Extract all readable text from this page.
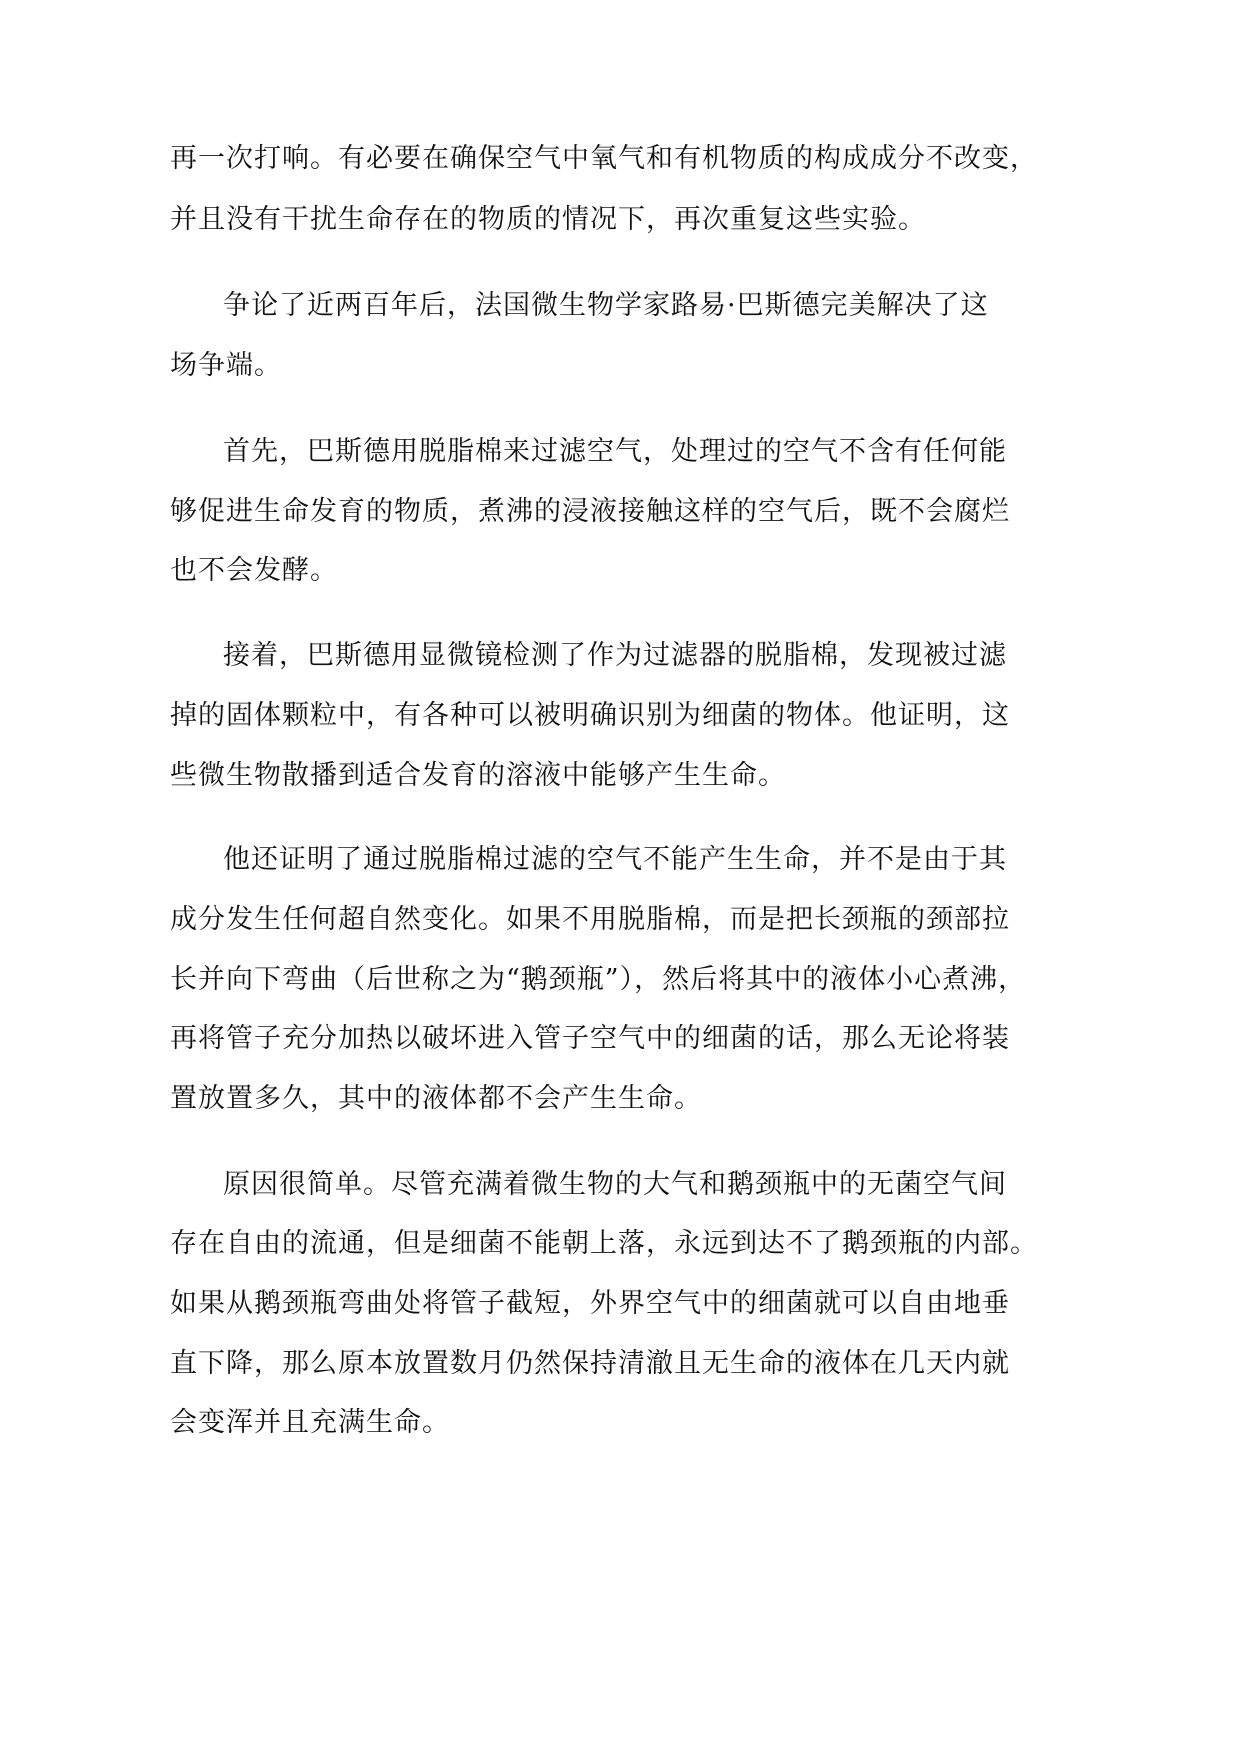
再一次打响。有必要在确保空气中氧气和有机物质的构成成分不改变，
并且没有干扰生命存在的物质的情况下，再次重复这些实验。
争论了近两百年后，法国微生物学家路易·巴斯德完美解决了这
场争端。
首先，巴斯德用脱脂棉来过滤空气，处理过的空气不含有任何能
够促进生命发育的物质，煮沸的浸液接触这样的空气后，既不会腐烂
也不会发酵。
接着，巴斯德用显微镜检测了作为过滤器的脱脂棉，发现被过滤
掉的固体颗粒中，有各种可以被明确识别为细菌的物体。他证明，这
些微生物散播到适合发育的溶液中能够产生生命。
他还证明了通过脱脂棉过滤的空气不能产生生命，并不是由于其
成分发生任何超自然变化。如果不用脱脂棉，而是把长颈瓶的颈部拉
长并向下弯曲（后世称之为“鹅颈瓶”），然后将其中的液体小心煮沸，
再将管子充分加热以破坏进入管子空气中的细菌的话，那么无论将装
置放置多久，其中的液体都不会产生生命。
原因很简单。尽管充满着微生物的大气和鹅颈瓶中的无菌空气间
存在自由的流通，但是细菌不能朝上落，永远到达不了鹅颈瓶的内部。
如果从鹅颈瓶弯曲处将管子截短，外界空气中的细菌就可以自由地垂
直下降，那么原本放置数月仍然保持清澈且无生命的液体在几天内就
会变浑并且充满生命。
